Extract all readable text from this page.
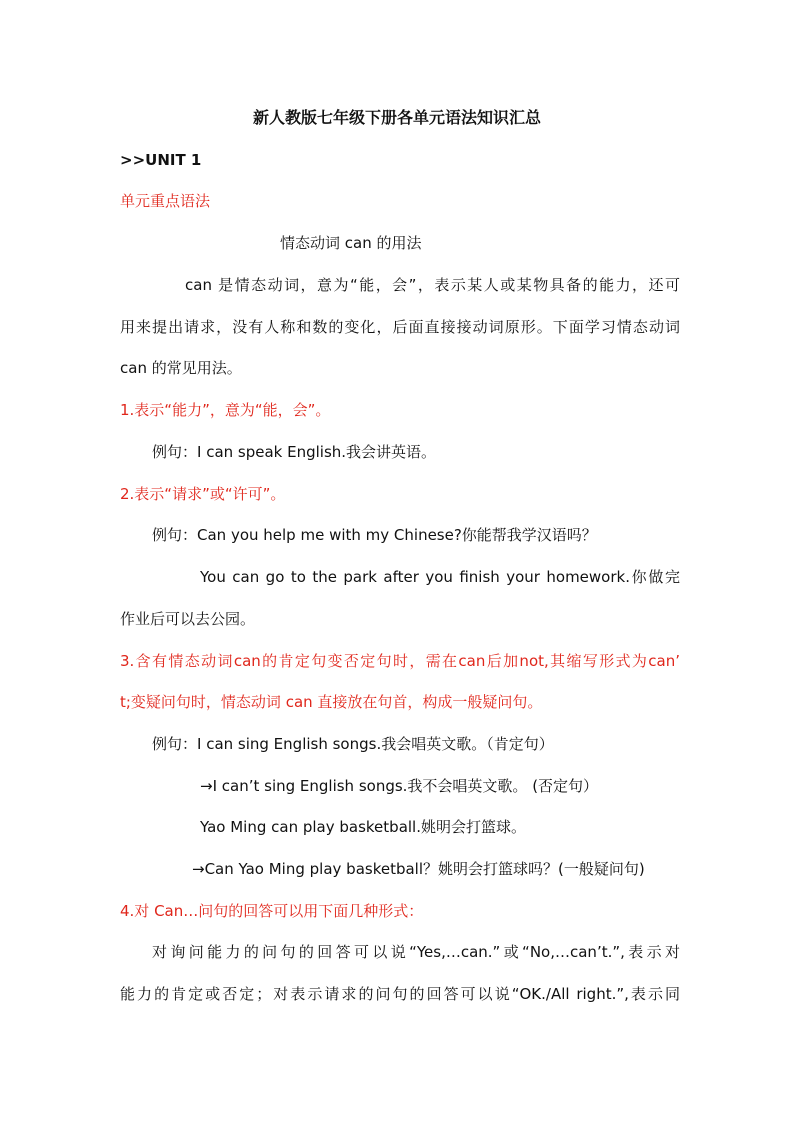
新人教版七年级下册各单元语法知识汇总
>>UNIT 1
单元重点语法
情态动词 can 的用法
can 是情态动词，意为“能，会”，表示某人或某物具备的能力，还可
用来提出请求，没有人称和数的变化，后面直接接动词原形。下面学习情态动词
can 的常见用法。
1.表示“能力”，意为“能，会”。
例句：I can speak English.我会讲英语。
2.表示“请求”或“许可”。
例句：Can you help me with my Chinese?你能帮我学汉语吗？
You can go to the park after you finish your homework.你做完
作业后可以去公园。
3.含有情态动词can的肯定句变否定句时，需在can后加not,其缩写形式为can’
t;变疑问句时，情态动词 can 直接放在句首，构成一般疑问句。
例句：I can sing English songs.我会唱英文歌。（肯定句）
→I can’t sing English songs.我不会唱英文歌。 (否定句）
Yao Ming can play basketball.姚明会打篮球。
→Can Yao Ming play basketball？姚明会打篮球吗？(一般疑问句)
4.对 Can…问句的回答可以用下面几种形式：
对询问能力的问句的回答可以说“Yes,…can.”或“No,…can’t.”,表示对
能力的肯定或否定；对表示请求的问句的回答可以说“OK./All right.”,表示同
